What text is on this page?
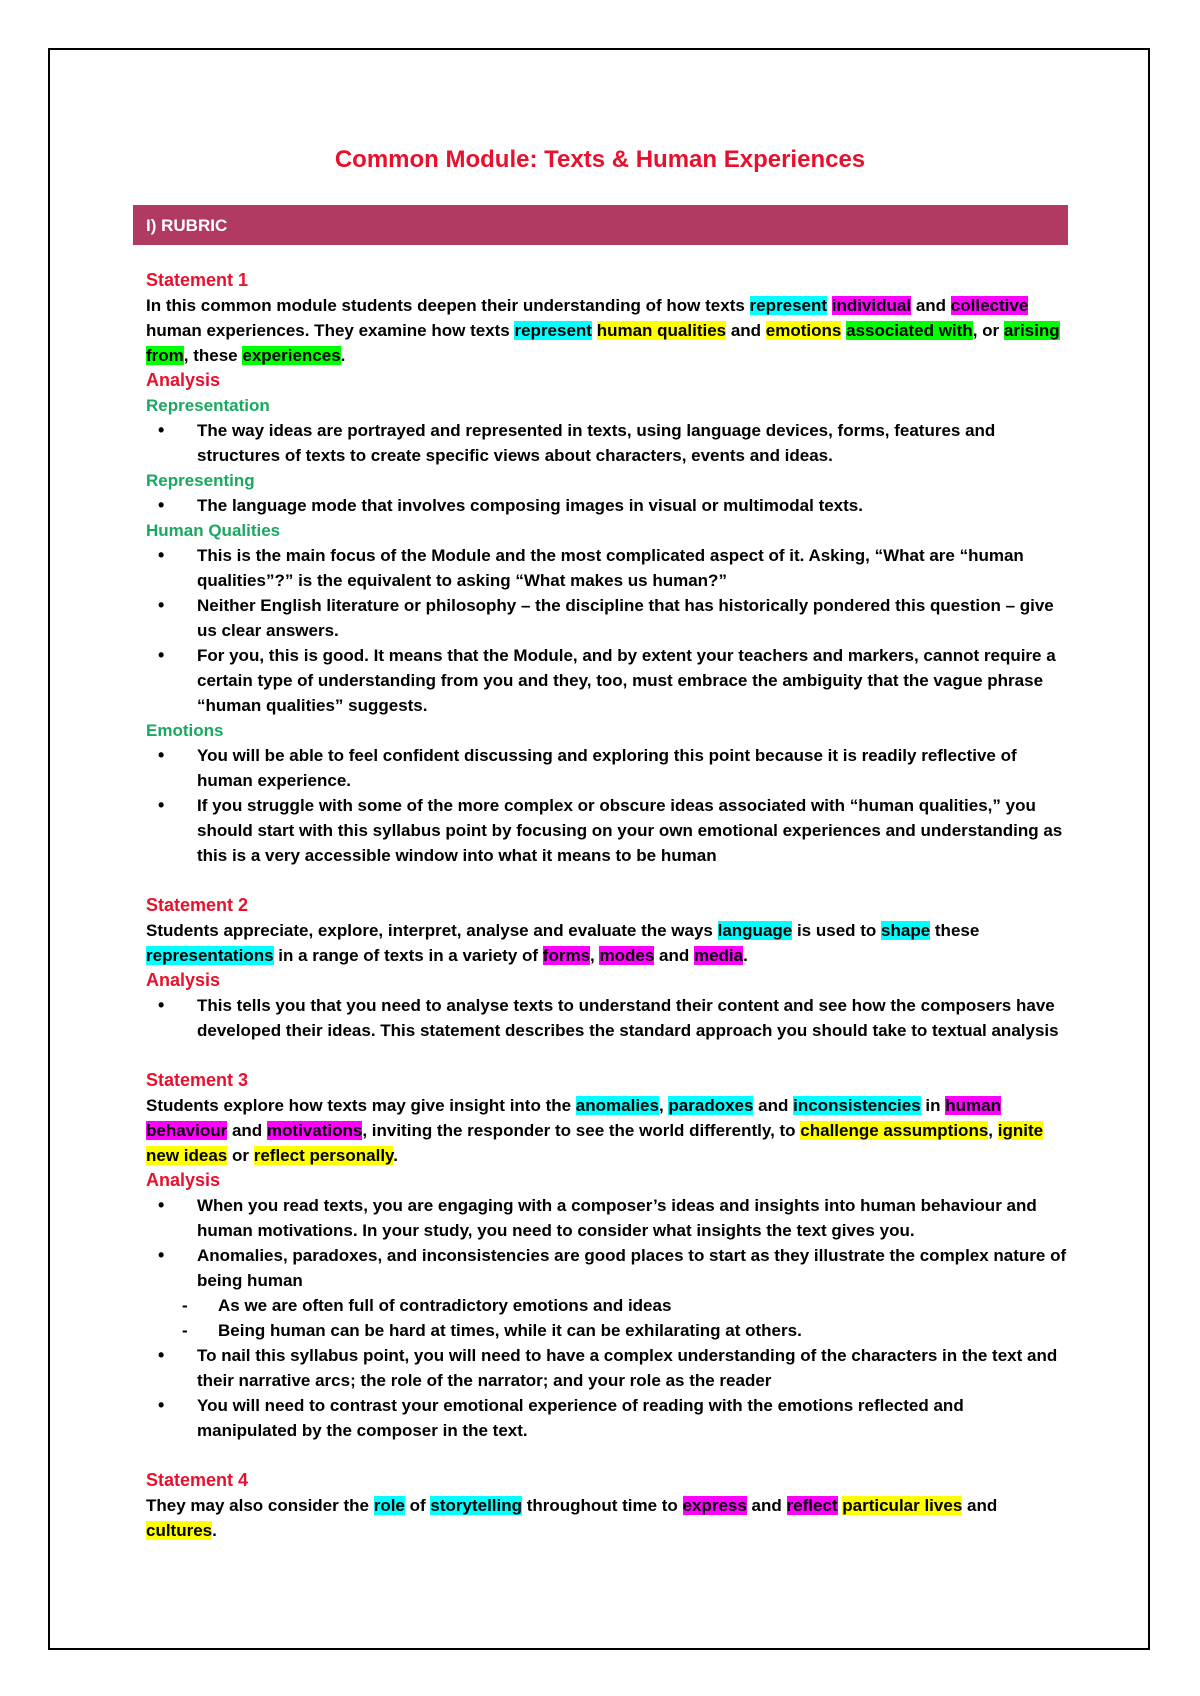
Common Module: Texts & Human Experiences
I) RUBRIC
Statement 1
In this common module students deepen their understanding of how texts represent individual and collective human experiences. They examine how texts represent human qualities and emotions associated with, or arising from, these experiences.
Analysis
Representation
• The way ideas are portrayed and represented in texts, using language devices, forms, features and structures of texts to create specific views about characters, events and ideas.
Representing
• The language mode that involves composing images in visual or multimodal texts.
Human Qualities
• This is the main focus of the Module and the most complicated aspect of it. Asking, “What are “human qualities”?” is the equivalent to asking “What makes us human?”
• Neither English literature or philosophy – the discipline that has historically pondered this question – give us clear answers.
• For you, this is good. It means that the Module, and by extent your teachers and markers, cannot require a certain type of understanding from you and they, too, must embrace the ambiguity that the vague phrase “human qualities” suggests.
Emotions
• You will be able to feel confident discussing and exploring this point because it is readily reflective of human experience.
• If you struggle with some of the more complex or obscure ideas associated with “human qualities,” you should start with this syllabus point by focusing on your own emotional experiences and understanding as this is a very accessible window into what it means to be human
Statement 2
Students appreciate, explore, interpret, analyse and evaluate the ways language is used to shape these representations in a range of texts in a variety of forms, modes and media.
Analysis
• This tells you that you need to analyse texts to understand their content and see how the composers have developed their ideas. This statement describes the standard approach you should take to textual analysis
Statement 3
Students explore how texts may give insight into the anomalies, paradoxes and inconsistencies in human behaviour and motivations, inviting the responder to see the world differently, to challenge assumptions, ignite new ideas or reflect personally.
Analysis
• When you read texts, you are engaging with a composer’s ideas and insights into human behaviour and human motivations. In your study, you need to consider what insights the text gives you.
• Anomalies, paradoxes, and inconsistencies are good places to start as they illustrate the complex nature of being human
- As we are often full of contradictory emotions and ideas
- Being human can be hard at times, while it can be exhilarating at others.
• To nail this syllabus point, you will need to have a complex understanding of the characters in the text and their narrative arcs; the role of the narrator; and your role as the reader
• You will need to contrast your emotional experience of reading with the emotions reflected and manipulated by the composer in the text.
Statement 4
They may also consider the role of storytelling throughout time to express and reflect particular lives and cultures.
